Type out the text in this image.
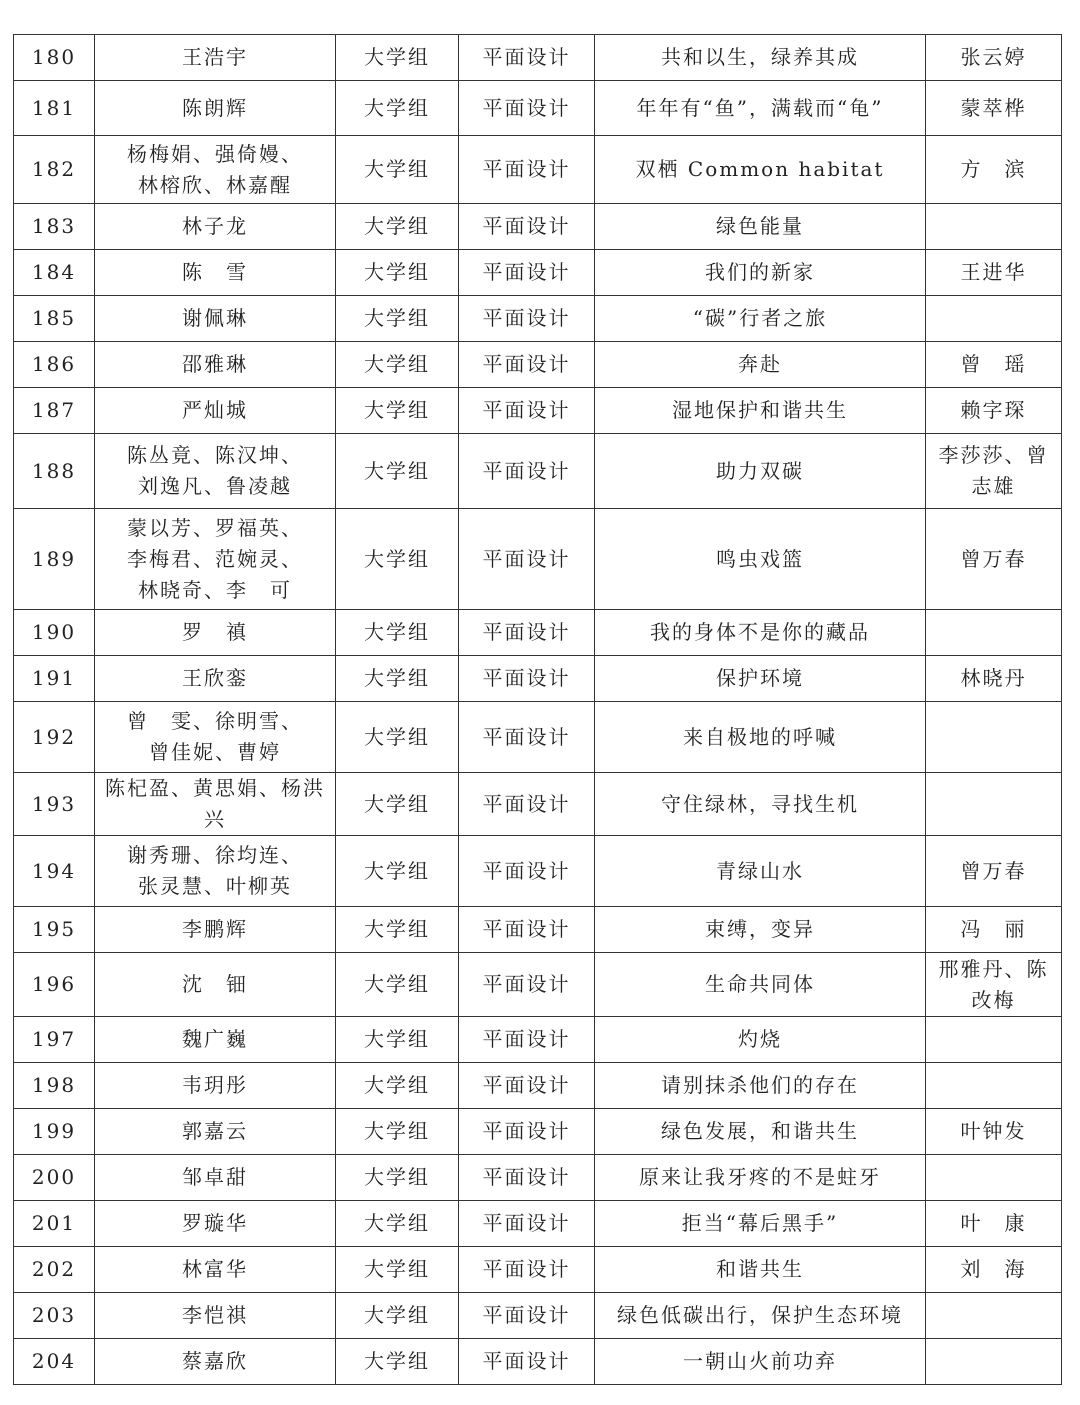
180	王浩宇	大学组	平面设计	共和以生，绿养其成	张云婷

181	陈朗辉	大学组	平面设计	年年有“鱼”，满载而“龟”	蒙萃桦

182	杨梅娟、强倚嫚、
林榕欣、林嘉醒	大学组	平面设计	双栖 Common habitat	方　滨

183	林子龙	大学组	平面设计	绿色能量	

184	陈　雪	大学组	平面设计	我们的新家	王进华

185	谢佩琳	大学组	平面设计	“碳”行者之旅	

186	邵雅琳	大学组	平面设计	奔赴	曾　瑶

187	严灿城	大学组	平面设计	湿地保护和谐共生	赖字琛

188	陈丛竟、陈汉坤、
刘逸凡、鲁凌越	大学组	平面设计	助力双碳	李莎莎、曾
志雄

189	蒙以芳、罗福英、
李梅君、范婉灵、
林晓奇、李　可	大学组	平面设计	鸣虫戏篮	曾万春

190	罗　禛	大学组	平面设计	我的身体不是你的藏品	

191	王欣銮	大学组	平面设计	保护环境	林晓丹

192	曾　雯、徐明雪、
曾佳妮、曹婷	大学组	平面设计	来自极地的呼喊	

193	陈杞盈、黄思娟、杨洪兴	大学组	平面设计	守住绿林，寻找生机	

194	谢秀珊、徐均连、
张灵慧、叶柳英	大学组	平面设计	青绿山水	曾万春

195	李鹏辉	大学组	平面设计	束缚，变异	冯　丽

196	沈　钿	大学组	平面设计	生命共同体	邢雅丹、陈
改梅

197	魏广巍	大学组	平面设计	灼烧	

198	韦玥彤	大学组	平面设计	请别抹杀他们的存在	

199	郭嘉云	大学组	平面设计	绿色发展，和谐共生	叶钟发

200	邹卓甜	大学组	平面设计	原来让我牙疼的不是蛀牙	

201	罗璇华	大学组	平面设计	拒当“幕后黑手”	叶　康

202	林富华	大学组	平面设计	和谐共生	刘　海

203	李恺祺	大学组	平面设计	绿色低碳出行，保护生态环境	

204	蔡嘉欣	大学组	平面设计	一朝山火前功弃	
